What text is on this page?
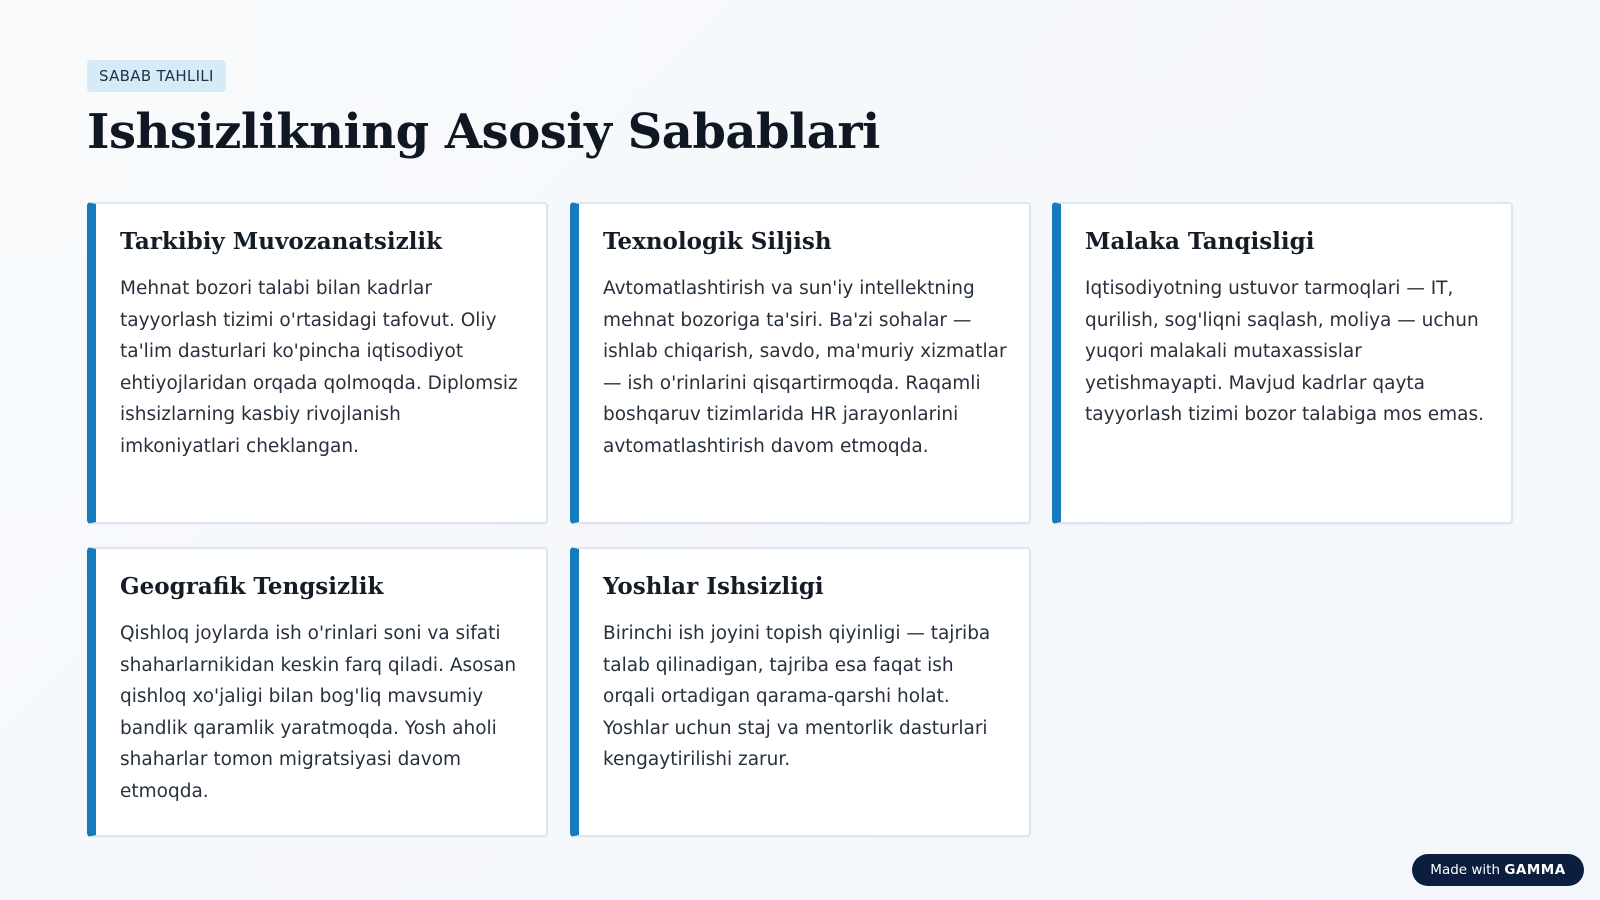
SABAB TAHLILI
Ishsizlikning Asosiy Sabablari
Tarkibiy Muvozanatsizlik

Mehnat bozori talabi bilan kadrlar tayyorlash tizimi o'rtasidagi tafovut. Oliy ta'lim dasturlari ko'pincha iqtisodiyot ehtiyojlaridan orqada qolmoqda. Diplomsiz ishsizlarning kasbiy rivojlanish imkoniyatlari cheklangan.

Texnologik Siljish

Avtomatlashtirish va sun'iy intellektning mehnat bozoriga ta'siri. Ba'zi sohalar — ishlab chiqarish, savdo, ma'muriy xizmatlar — ish o'rinlarini qisqartirmoqda. Raqamli boshqaruv tizimlarida HR jarayonlarini avtomatlashtirish davom etmoqda.

Malaka Tanqisligi

Iqtisodiyotning ustuvor tarmoqlari — IT, qurilish, sog'liqni saqlash, moliya — uchun yuqori malakali mutaxassislar yetishmayapti. Mavjud kadrlar qayta tayyorlash tizimi bozor talabiga mos emas.

Geografik Tengsizlik

Qishloq joylarda ish o'rinlari soni va sifati shaharlarnikidan keskin farq qiladi. Asosan qishloq xo'jaligi bilan bog'liq mavsumiy bandlik qaramlik yaratmoqda. Yosh aholi shaharlar tomon migratsiyasi davom etmoqda.

Yoshlar Ishsizligi

Birinchi ish joyini topish qiyinligi — tajriba talab qilinadigan, tajriba esa faqat ish orqali ortadigan qarama-qarshi holat. Yoshlar uchun staj va mentorlik dasturlari kengaytirilishi zarur.

Made with GAMMA
